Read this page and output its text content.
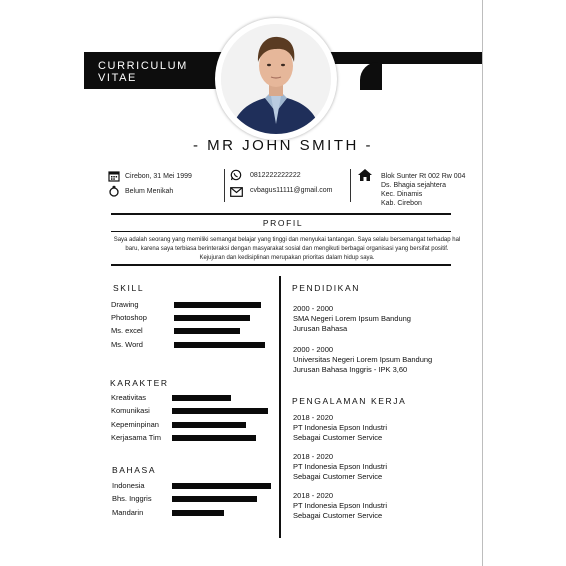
CURRICULUM
VITAE
- MR JOHN SMITH -
Cirebon, 31 Mei 1999
Belum Menikah
0812222222222
cvbagus11111@gmail.com
Blok Sunter Rt 002 Rw 004
Ds. Bhagia sejahtera
Kec. Dinamis
Kab. Cirebon
PROFIL
Saya adalah seorang yang memiliki semangat belajar yang tinggi dan menyukai tantangan. Saya selalu bersemangat terhadap hal baru, karena saya terbiasa berinteraksi dengan masyarakat sosial dan mengikuti berbagai organisasi yang bersifat positif. Kejujuran dan kedisiplinan merupakan prioritas dalam hidup saya.
SKILL
Drawing
Photoshop
Ms. excel
Ms. Word
KARAKTER
Kreativitas
Komunikasi
Kepeminpinan
Kerjasama Tim
BAHASA
Indonesia
Bhs. Inggris
Mandarin
PENDIDIKAN
2000 - 2000
SMA Negeri Lorem Ipsum Bandung
Jurusan Bahasa
2000 - 2000
Universitas Negeri Lorem Ipsum Bandung
Jurusan Bahasa Inggris - IPK 3,60
PENGALAMAN KERJA
2018 - 2020
PT Indonesia Epson Industri
Sebagai Customer Service
2018 - 2020
PT Indonesia Epson Industri
Sebagai Customer Service
2018 - 2020
PT Indonesia Epson Industri
Sebagai Customer Service
